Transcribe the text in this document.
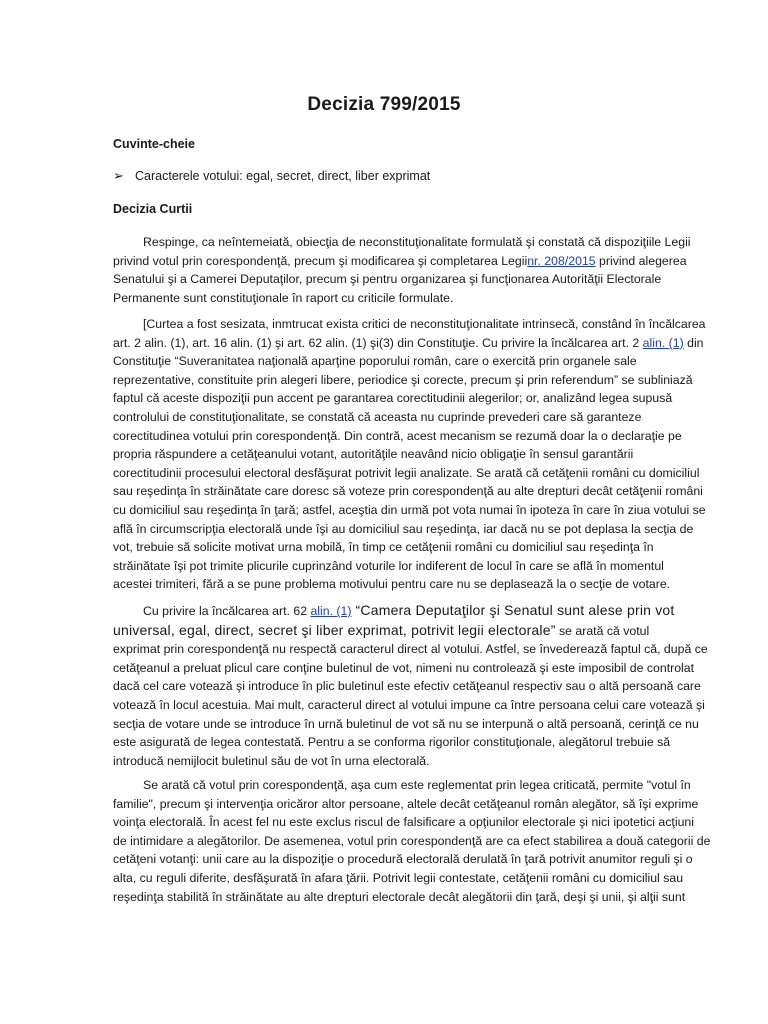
Decizia 799/2015
Cuvinte-cheie
➢ Caracterele votului: egal, secret, direct, liber exprimat
Decizia Curtii
Respinge, ca neîntemeiată, obiecţia de neconstituţionalitate formulată şi constată că dispoziţiile Legii
privind votul prin corespondenţă, precum şi modificarea şi completarea Legiinr. 208/2015 privind alegerea
Senatului şi a Camerei Deputaţilor, precum şi pentru organizarea şi funcţionarea Autorităţii Electorale
Permanente sunt constituţionale în raport cu criticile formulate.
[Curtea a fost sesizata, inmtrucat exista critici de neconstituţionalitate intrinsecă, constând în încălcarea
art. 2 alin. (1), art. 16 alin. (1) şi art. 62 alin. (1) şi(3) din Constituţie. Cu privire la încălcarea art. 2 alin. (1) din
Constituţie “Suveranitatea naţională aparţine poporului român, care o exercită prin organele sale
reprezentative, constituite prin alegeri libere, periodice şi corecte, precum şi prin referendum” se subliniază
faptul că aceste dispoziţii pun accent pe garantarea corectitudinii alegerilor; or, analizând legea supusă
controlului de constituţionalitate, se constată că aceasta nu cuprinde prevederi care să garanteze
corectitudinea votului prin corespondenţă. Din contră, acest mecanism se rezumă doar la o declaraţie pe
propria răspundere a cetăţeanului votant, autorităţile neavând nicio obligaţie în sensul garantării
corectitudinii procesului electoral desfăşurat potrivit legii analizate. Se arată că cetăţenii români cu domiciliul
sau reşedinţa în străinătate care doresc să voteze prin corespondenţă au alte drepturi decât cetăţenii români
cu domiciliul sau reşedinţa în ţară; astfel, aceştia din urmă pot vota numai în ipoteza în care în ziua votului se
află în circumscripţia electorală unde îşi au domiciliul sau reşedinţa, iar dacă nu se pot deplasa la secţia de
vot, trebuie să solicite motivat urna mobilă, în timp ce cetăţenii români cu domiciliul sau reşedinţa în
străinătate îşi pot trimite plicurile cuprinzând voturile lor indiferent de locul în care se află în momentul
acestei trimiteri, fără a se pune problema motivului pentru care nu se deplasează la o secţie de votare.
Cu privire la încălcarea art. 62 alin. (1) “Camera Deputaţilor şi Senatul sunt alese prin vot
universal, egal, direct, secret şi liber exprimat, potrivit legii electorale” se arată că votul
exprimat prin corespondenţă nu respectă caracterul direct al votului. Astfel, se învederează faptul că, după ce
cetăţeanul a preluat plicul care conţine buletinul de vot, nimeni nu controlează şi este imposibil de controlat
dacă cel care votează şi introduce în plic buletinul este efectiv cetăţeanul respectiv sau o altă persoană care
votează în locul acestuia. Mai mult, caracterul direct al votului impune ca între persoana celui care votează şi
secţia de votare unde se introduce în urnă buletinul de vot să nu se interpună o altă persoană, cerinţă ce nu
este asigurată de legea contestată. Pentru a se conforma rigorilor constituţionale, alegătorul trebuie să
introducă nemijlocit buletinul său de vot în urna electorală.
Se arată că votul prin corespondenţă, aşa cum este reglementat prin legea criticată, permite "votul în
familie", precum şi intervenţia oricăror altor persoane, altele decât cetăţeanul român alegător, să îşi exprime
voinţa electorală. În acest fel nu este exclus riscul de falsificare a opţiunilor electorale şi nici ipotetici acţiuni
de intimidare a alegătorilor. De asemenea, votul prin corespondenţă are ca efect stabilirea a două categorii de
cetăţeni votanţi: unii care au la dispoziţie o procedură electorală derulată în ţară potrivit anumitor reguli şi o
alta, cu reguli diferite, desfăşurată în afara ţării. Potrivit legii contestate, cetăţenii români cu domiciliul sau
reşedinţa stabilită în străinătate au alte drepturi electorale decât alegătorii din ţară, deşi şi unii, şi alţii sunt
